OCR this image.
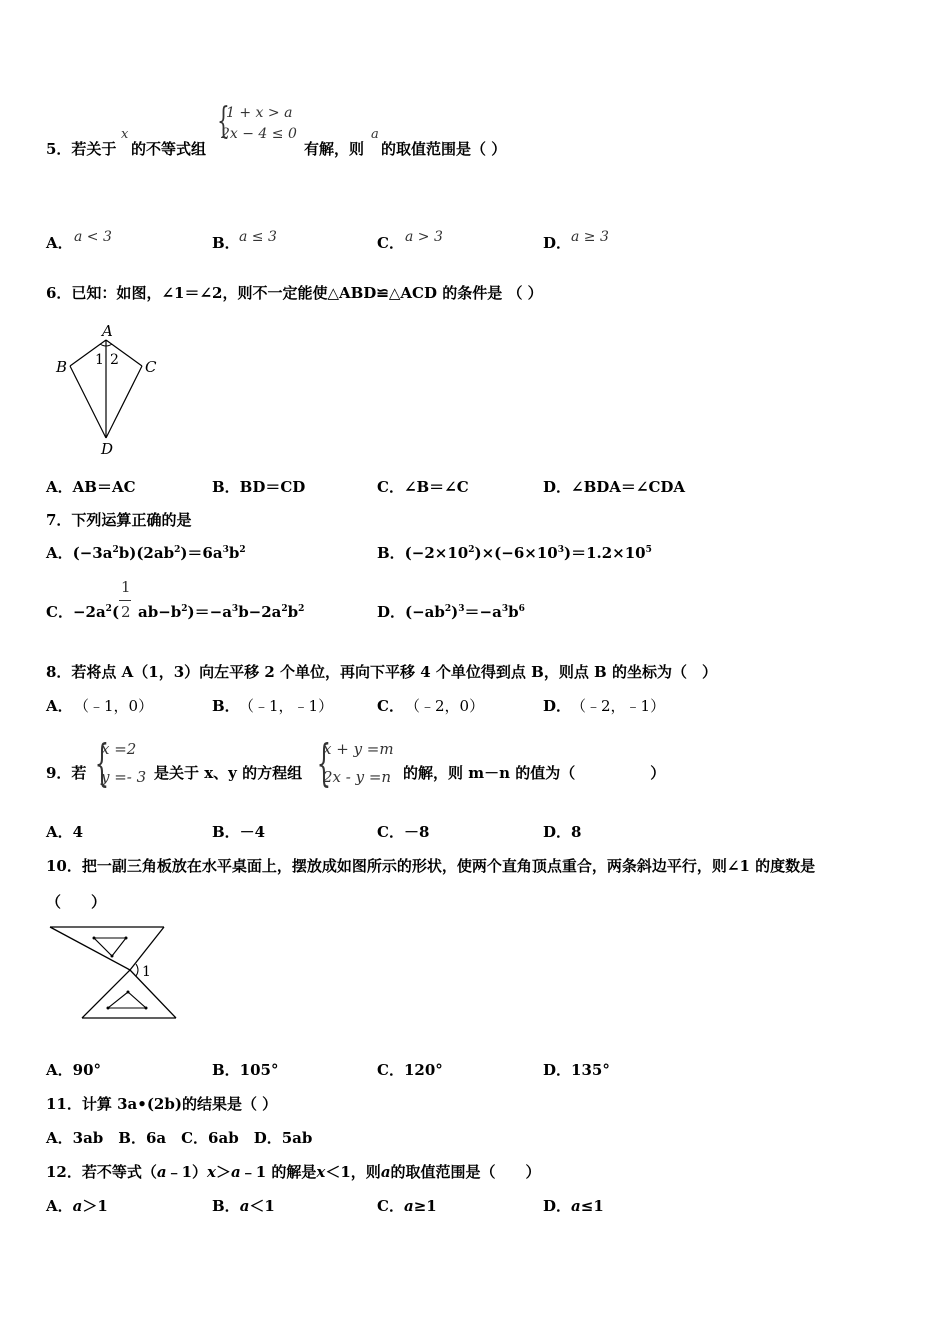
5．若关于
x
的不等式组
{
1 + x > a
2x − 4 ≤ 0
有解，则
a
的取值范围是（ ）
A． a < 3	B． a ≤ 3	C． a > 3	D． a ≥ 3
6．已知：如图，∠1＝∠2，则不一定能使△ABD≌△ACD 的条件是 （ ）
A
B	C
D
1 2
A．AB＝AC	B．BD＝CD	C．∠B＝∠C	D．∠BDA＝∠CDA
7．下列运算正确的是
A．$(-3a^2b)(2ab^2)=6a^3b^2$	B．$(-2\times 10^2)\times(-6\times 10^3)=1.2\times 10^5$
C．$-2a^2$(
1
2 $ab-b^2)=-a^3b-2a^2b^2$	D．$(-ab^2)^3=-a^3b^6$
8．若将点 A（1，3）向左平移 2 个单位，再向下平移 4 个单位得到点 B，则点 B 的坐标为（　）
A． （﹣1，0）	B． （﹣1，﹣1）	C． （﹣2，0）	D． （﹣2，﹣1）
9．若 {
x =2
y =- 3 是关于 x、y 的方程组 {
x + y =m
2x - y =n 的解，则 m－n 的值为（　　　　　）
A．4	B．－4	C．－8	D．8
10．把一副三角板放在水平桌面上，摆放成如图所示的形状，使两个直角顶点重合，两条斜边平行，则∠1 的度数是
（　　）
1
A．90°	B．105°	C．120°	D．135°
11．计算 3a•(2b)的结果是（ ）
A．3ab　B．6a　C．6ab　D．5ab
12．若不等式（a﹣1）x＞a﹣1 的解是x＜1，则a的取值范围是（　　）
A．a＞1	B．a＜1	C．a≥1	D．a≤1
